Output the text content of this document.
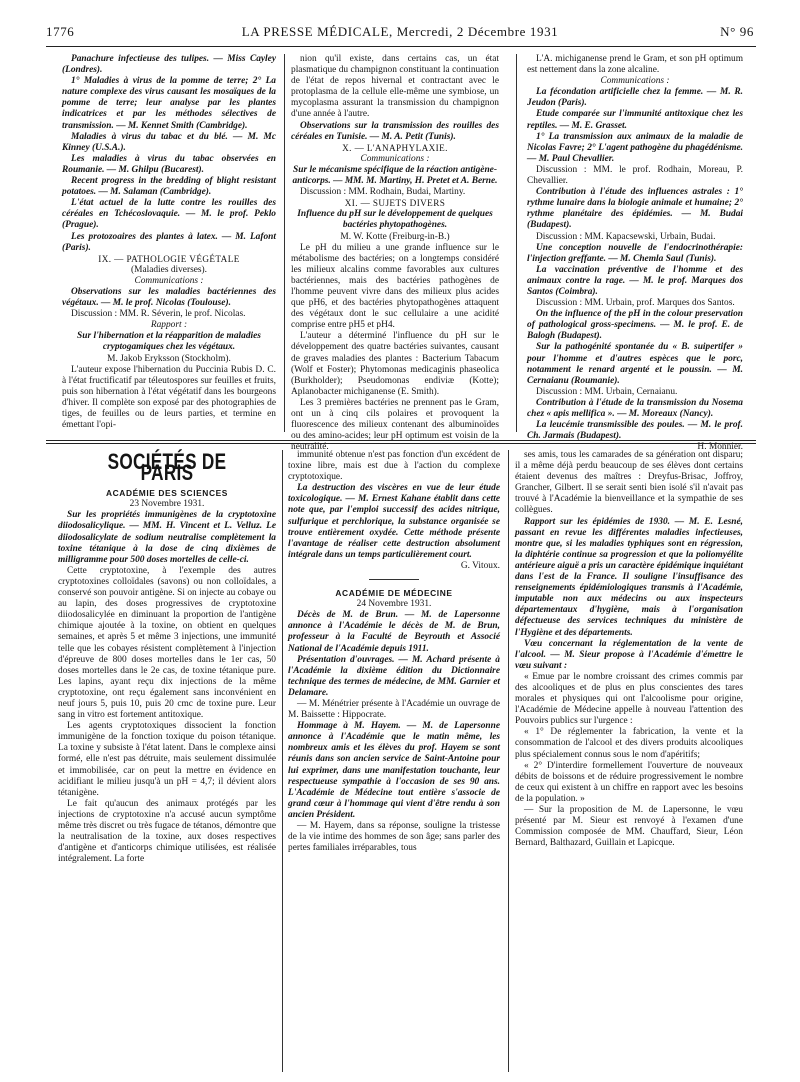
1776	LA PRESSE MÉDICALE, Mercredi, 2 Décembre 1931	N° 96

Panachure infectieuse des tulipes. — Miss Cayley (Londres).

1° Maladies à virus de la pomme de terre; 2° La nature complexe des virus causant les mosaïques de la pomme de terre; leur analyse par les plantes indicatrices et par les méthodes sélectives de transmission. — M. Kennet Smith (Cambridge).

Maladies à virus du tabac et du blé. — M. Mc Kinney (U.S.A.).

Les maladies à virus du tabac observées en Roumanie. — M. Ghilpu (Bucarest).

Recent progress in the bredding of blight resistant potatoes. — M. Salaman (Cambridge).

L'état actuel de la lutte contre les rouilles des céréales en Tchécoslovaquie. — M. le prof. Peklo (Prague).

Les protozoaires des plantes à latex. — M. Lafont (Paris).

IX. — PATHOLOGIE VÉGÉTALE

(Maladies diverses).

Communications :

Observations sur les maladies bactériennes des végétaux. — M. le prof. Nicolas (Toulouse).

Discussion : MM. R. Séverin, le prof. Nicolas.

Rapport :

Sur l'hibernation et la réapparition de maladies cryptogamiques chez les végétaux.

M. Jakob Eryksson (Stockholm).

L'auteur expose l'hibernation du Puccinia Rubis D. C. à l'état fructificatif par téleutospores sur feuilles et fruits, puis son hibernation à l'état végétatif dans les bourgeons d'hiver. Il complète son exposé par des photographies de tiges, de feuilles ou de leurs parties, et termine en émettant l'opi-

nion qu'il existe, dans certains cas, un état plasmatique du champignon constituant la continuation de l'état de repos hivernal et contractant avec le protoplasma de la cellule elle-même une symbiose, un mycoplasma assurant la transmission du champignon d'une année à l'autre.

Observations sur la transmission des rouilles des céréales en Tunisie. — M. A. Petit (Tunis).

X. — L'ANAPHYLAXIE.

Communications :

Sur le mécanisme spécifique de la réaction antigène-anticorps. — MM. M. Martiny, H. Pretet et A. Berne.

Discussion : MM. Rodhain, Budai, Martiny.

XI. — SUJETS DIVERS

Influence du pH sur le développement de quelques bactéries phytopathogènes.

M. W. Kotte (Freiburg-in-B.)

Le pH du milieu a une grande influence sur le métabolisme des bactéries; on a longtemps considéré les milieux alcalins comme favorables aux cultures bactériennes, mais des bactéries pathogènes de l'homme peuvent vivre dans des milieux plus acides que pH6, et des bactéries phytopathogènes attaquent des végétaux dont le suc cellulaire a une acidité comprise entre pH5 et pH4.

L'auteur a déterminé l'influence du pH sur le développement des quatre bactéries suivantes, causant de graves maladies des plantes : Bacterium Tabacum (Wolf et Foster); Phytomonas medicaginis phaseolica (Burkholder); Pseudomonas endiviæ (Kotte); Aplanobacter michiganense (E. Smith).

Les 3 premières bactéries ne prennent pas le Gram, ont un à cinq cils polaires et provoquent la fluorescence des milieux contenant des albuminoïdes ou des amino-acides; leur pH optimum est voisin de la neutralité.

L'A. michiganense prend le Gram, et son pH optimum est nettement dans la zone alcaline.

Communications :

La fécondation artificielle chez la femme. — M. R. Jeudon (Paris).

Etude comparée sur l'immunité antitoxique chez les reptiles. — M. E. Grasset.

1° La transmission aux animaux de la maladie de Nicolas Favre; 2° L'agent pathogène du phagédénisme. — M. Paul Chevallier.

Discussion : MM. le prof. Rodhain, Moreau, P. Chevallier.

Contribution à l'étude des influences astrales : 1° rythme lunaire dans la biologie animale et humaine; 2° rythme planétaire des épidémies. — M. Budai (Budapest).

Discussion : MM. Kapacsewski, Urbain, Budai.

Une conception nouvelle de l'endocrinothérapie: l'injection greffante. — M. Chemla Saul (Tunis).

La vaccination préventive de l'homme et des animaux contre la rage. — M. le prof. Marques dos Santos (Coimbra).

Discussion : MM. Urbain, prof. Marques dos Santos.

On the influence of the pH in the colour preservation of pathological gross-specimens. — M. le prof. E. de Balogh (Budapest).

Sur la pathogénité spontanée du « B. suipertifer » pour l'homme et d'autres espèces que le porc, notamment le renard argenté et le poussin. — M. Cernaianu (Roumanie).

Discussion : MM. Urbain, Cernaianu.

Contribution à l'étude de la transmission du Nosema chez « apis mellifica ». — M. Moreaux (Nancy).

La leucémie transmissible des poules. — M. le prof. Ch. Jarmais (Budapest).

H. Monnier.

SOCIÉTÉS DE PARIS

ACADÉMIE DES SCIENCES

23 Novembre 1931.

Sur les propriétés immunigènes de la cryptotoxine diiodosalicylique. — MM. H. Vincent et L. Velluz. Le diiodosalicylate de sodium neutralise complètement la toxine tétanique à la dose de cinq dixièmes de milligramme pour 500 doses mortelles de celle-ci.

Cette cryptotoxine, à l'exemple des autres cryptotoxines colloïdales (savons) ou non colloïdales, a conservé son pouvoir antigène. Si on injecte au cobaye ou au lapin, des doses progressives de cryptotoxine diiodosalicylée en diminuant la proportion de l'antigène chimique ajoutée à la toxine, on obtient en quelques semaines, et après 5 et même 3 injections, une immunité telle que les cobayes résistent complètement à l'injection d'épreuve de 800 doses mortelles dans le 1er cas, 50 doses mortelles dans le 2e cas, de toxine tétanique pure. Les lapins, ayant reçu dix injections de la même cryptotoxine, ont reçu également sans inconvénient en neuf jours 5, puis 10, puis 20 cmc de toxine pure. Leur sang in vitro est fortement antitoxique.

Les agents cryptotoxiques dissocient la fonction immunigène de la fonction toxique du poison tétanique. La toxine y subsiste à l'état latent. Dans le complexe ainsi formé, elle n'est pas détruite, mais seulement dissimulée et immobilisée, car on peut la mettre en évidence en acidifiant le milieu jusqu'à un pH = 4,7; il dévient alors tétanigène.

Le fait qu'aucun des animaux protégés par les injections de cryptotoxine n'a accusé aucun symptôme même très discret ou très fugace de tétanos, démontre que la neutralisation de la toxine, aux doses respectives d'antigène et d'anticorps chimique utilisées, est réalisée intégralement. La forte

immunité obtenue n'est pas fonction d'un excédent de toxine libre, mais est due à l'action du complexe cryptotoxique.

La destruction des viscères en vue de leur étude toxicologique. — M. Ernest Kahane établit dans cette note que, par l'emploi successif des acides nitrique, sulfurique et perchlorique, la substance organisée se trouve entièrement oxydée. Cette méthode présente l'avantage de réaliser cette destruction absolument intégrale dans un temps particulièrement court.

G. Vitoux.

ACADÉMIE DE MÉDECINE

24 Novembre 1931.

Décès de M. de Brun. — M. de Lapersonne annonce à l'Académie le décès de M. de Brun, professeur à la Faculté de Beyrouth et Associé National de l'Académie depuis 1911.

Présentation d'ouvrages. — M. Achard présente à l'Académie la dixième édition du Dictionnaire technique des termes de médecine, de MM. Garnier et Delamare.

— M. Ménétrier présente à l'Académie un ouvrage de M. Baissette : Hippocrate.

Hommage à M. Hayem. — M. de Lapersonne annonce à l'Académie que le matin même, les nombreux amis et les élèves du prof. Hayem se sont réunis dans son ancien service de Saint-Antoine pour lui exprimer, dans une manifestation touchante, leur respectueuse sympathie à l'occasion de ses 90 ans. L'Académie de Médecine tout entière s'associe de grand cœur à l'hommage qui vient d'être rendu à son ancien Président.

— M. Hayem, dans sa réponse, souligne la tristesse de la vie intime des hommes de son âge; sans parler des pertes familiales irréparables, tous

ses amis, tous les camarades de sa génération ont disparu; il a même déjà perdu beaucoup de ses élèves dont certains étaient devenus des maîtres : Dreyfus-Brisac, Joffroy, Grancher, Gilbert. Il se serait senti bien isolé s'il n'avait pas trouvé à l'Académie la bienveillance et la sympathie de ses collègues.

Rapport sur les épidémies de 1930. — M. E. Lesné, passant en revue les différentes maladies infectieuses, montre que, si les maladies typhiques sont en régression, la diphtérie continue sa progression et que la poliomyélite antérieure aiguë a pris un caractère épidémique inquiétant dans l'est de la France. Il souligne l'insuffisance des renseignements épidémiologiques transmis à l'Académie, imputable non aux médecins ou aux inspecteurs départementaux d'hygiène, mais à l'organisation défectueuse des services techniques du ministère de l'Hygiène et des départements.

Vœu concernant la réglementation de la vente de l'alcool. — M. Sieur propose à l'Académie d'émettre le vœu suivant :

« Emue par le nombre croissant des crimes commis par des alcooliques et de plus en plus conscientes des tares morales et physiques qui ont l'alcoolisme pour origine, l'Académie de Médecine appelle à nouveau l'attention des Pouvoirs publics sur l'urgence :

« 1° De réglementer la fabrication, la vente et la consommation de l'alcool et des divers produits alcooliques plus spécialement connus sous le nom d'apéritifs;

« 2° D'interdire formellement l'ouverture de nouveaux débits de boissons et de réduire progressivement le nombre de ceux qui existent à un chiffre en rapport avec les besoins de la population. »

— Sur la proposition de M. de Lapersonne, le vœu présenté par M. Sieur est renvoyé à l'examen d'une Commission composée de MM. Chauffard, Sieur, Léon Bernard, Balthazard, Guillain et Lapicque.
